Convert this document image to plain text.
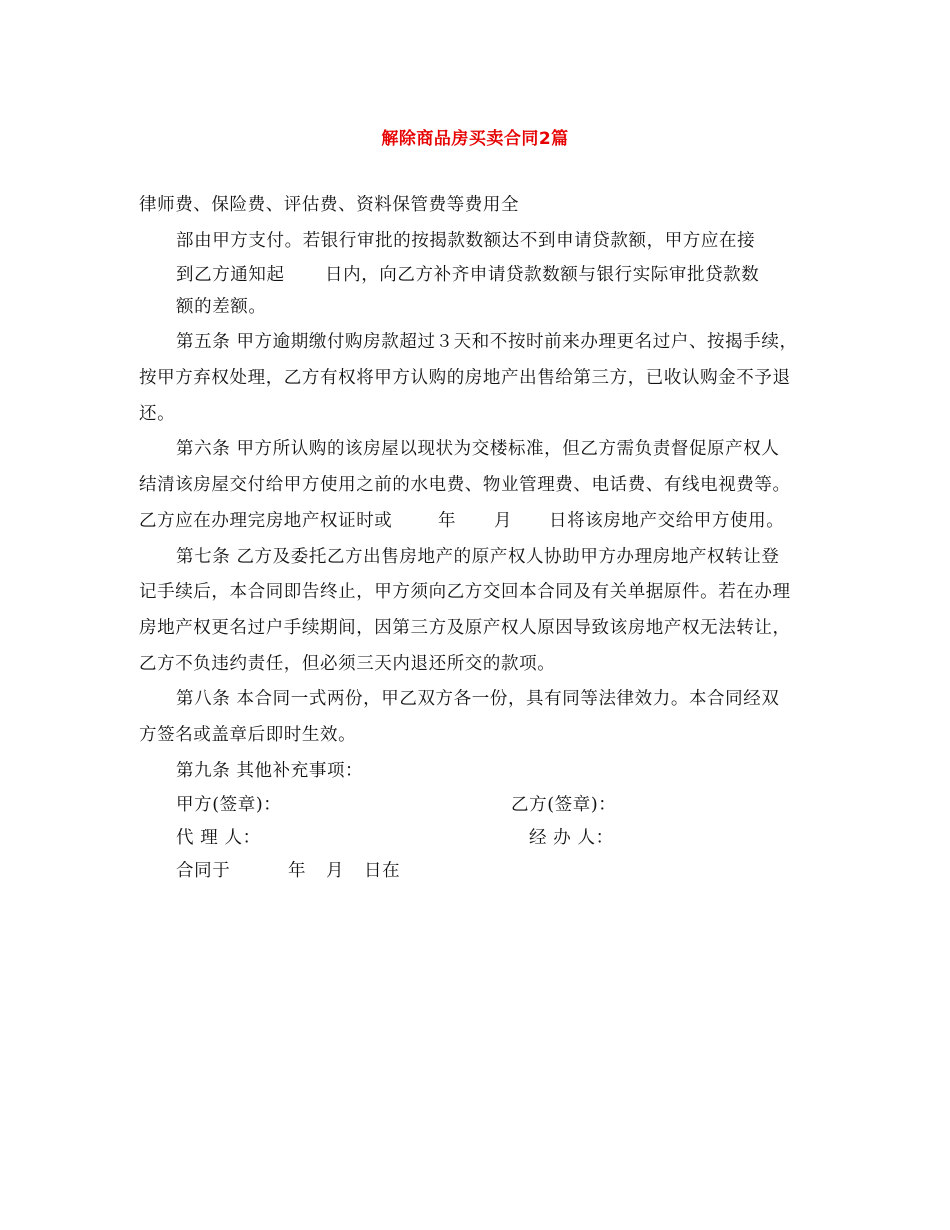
解除商品房买卖合同2篇
律师费、保险费、评估费、资料保管费等费用全
部由甲方支付。若银行审批的按揭款数额达不到申请贷款额，甲方应在接
到乙方通知起 日内，向乙方补齐申请贷款数额与银行实际审批贷款数
额的差额。
第五条 甲方逾期缴付购房款超过３天和不按时前来办理更名过户、按揭手续，
按甲方弃权处理，乙方有权将甲方认购的房地产出售给第三方，已收认购金不予退
还。
第六条 甲方所认购的该房屋以现状为交楼标准，但乙方需负责督促原产权人
结清该房屋交付给甲方使用之前的水电费、物业管理费、电话费、有线电视费等。
乙方应在办理完房地产权证时或	年 月 日将该房地产交给甲方使用。
第七条 乙方及委托乙方出售房地产的原产权人协助甲方办理房地产权转让登
记手续后，本合同即告终止，甲方须向乙方交回本合同及有关单据原件。若在办理
房地产权更名过户手续期间，因第三方及原产权人原因导致该房地产权无法转让，
乙方不负违约责任，但必须三天内退还所交的款项。
第八条 本合同一式两份，甲乙双方各一份，具有同等法律效力。本合同经双
方签名或盖章后即时生效。
第九条 其他补充事项：
甲方(签章)：	乙方(签章)：
代 理 人：	经 办 人：
合同于	年 月 日在
